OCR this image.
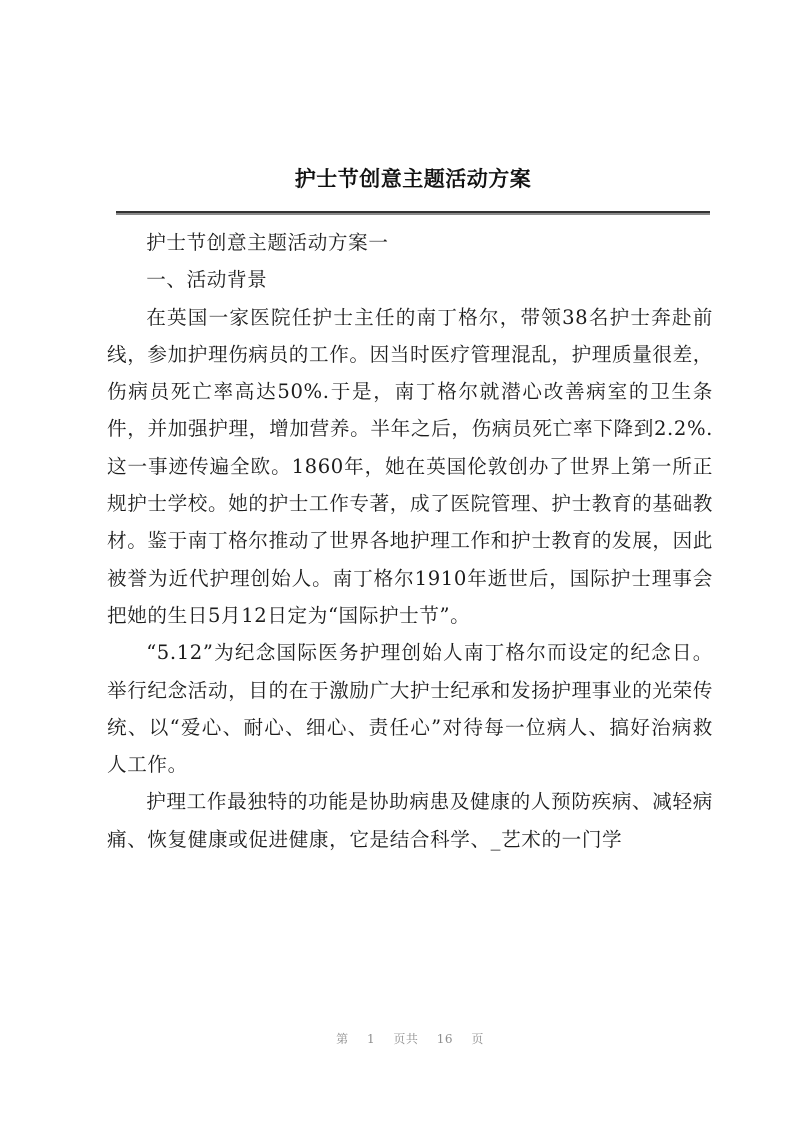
护士节创意主题活动方案

护士节创意主题活动方案一

一、活动背景

在英国一家医院任护士主任的南丁格尔，带领38名护士奔赴前线，参加护理伤病员的工作。因当时医疗管理混乱，护理质量很差，伤病员死亡率高达50%.于是，南丁格尔就潜心改善病室的卫生条件，并加强护理，增加营养。半年之后，伤病员死亡率下降到2.2%.这一事迹传遍全欧。1860年，她在英国伦敦创办了世界上第一所正规护士学校。她的护士工作专著，成了医院管理、护士教育的基础教材。鉴于南丁格尔推动了世界各地护理工作和护士教育的发展，因此被誉为近代护理创始人。南丁格尔1910年逝世后，国际护士理事会把她的生日5月12日定为“国际护士节”。

“5.12”为纪念国际医务护理创始人南丁格尔而设定的纪念日。举行纪念活动，目的在于激励广大护士纪承和发扬护理事业的光荣传统、以“爱心、耐心、细心、责任心”对待每一位病人、搞好治病救人工作。

护理工作最独特的功能是协助病患及健康的人预防疾病、减轻病痛、恢复健康或促进健康，它是结合科学、_艺术的一门学

第 1 页共 16 页
